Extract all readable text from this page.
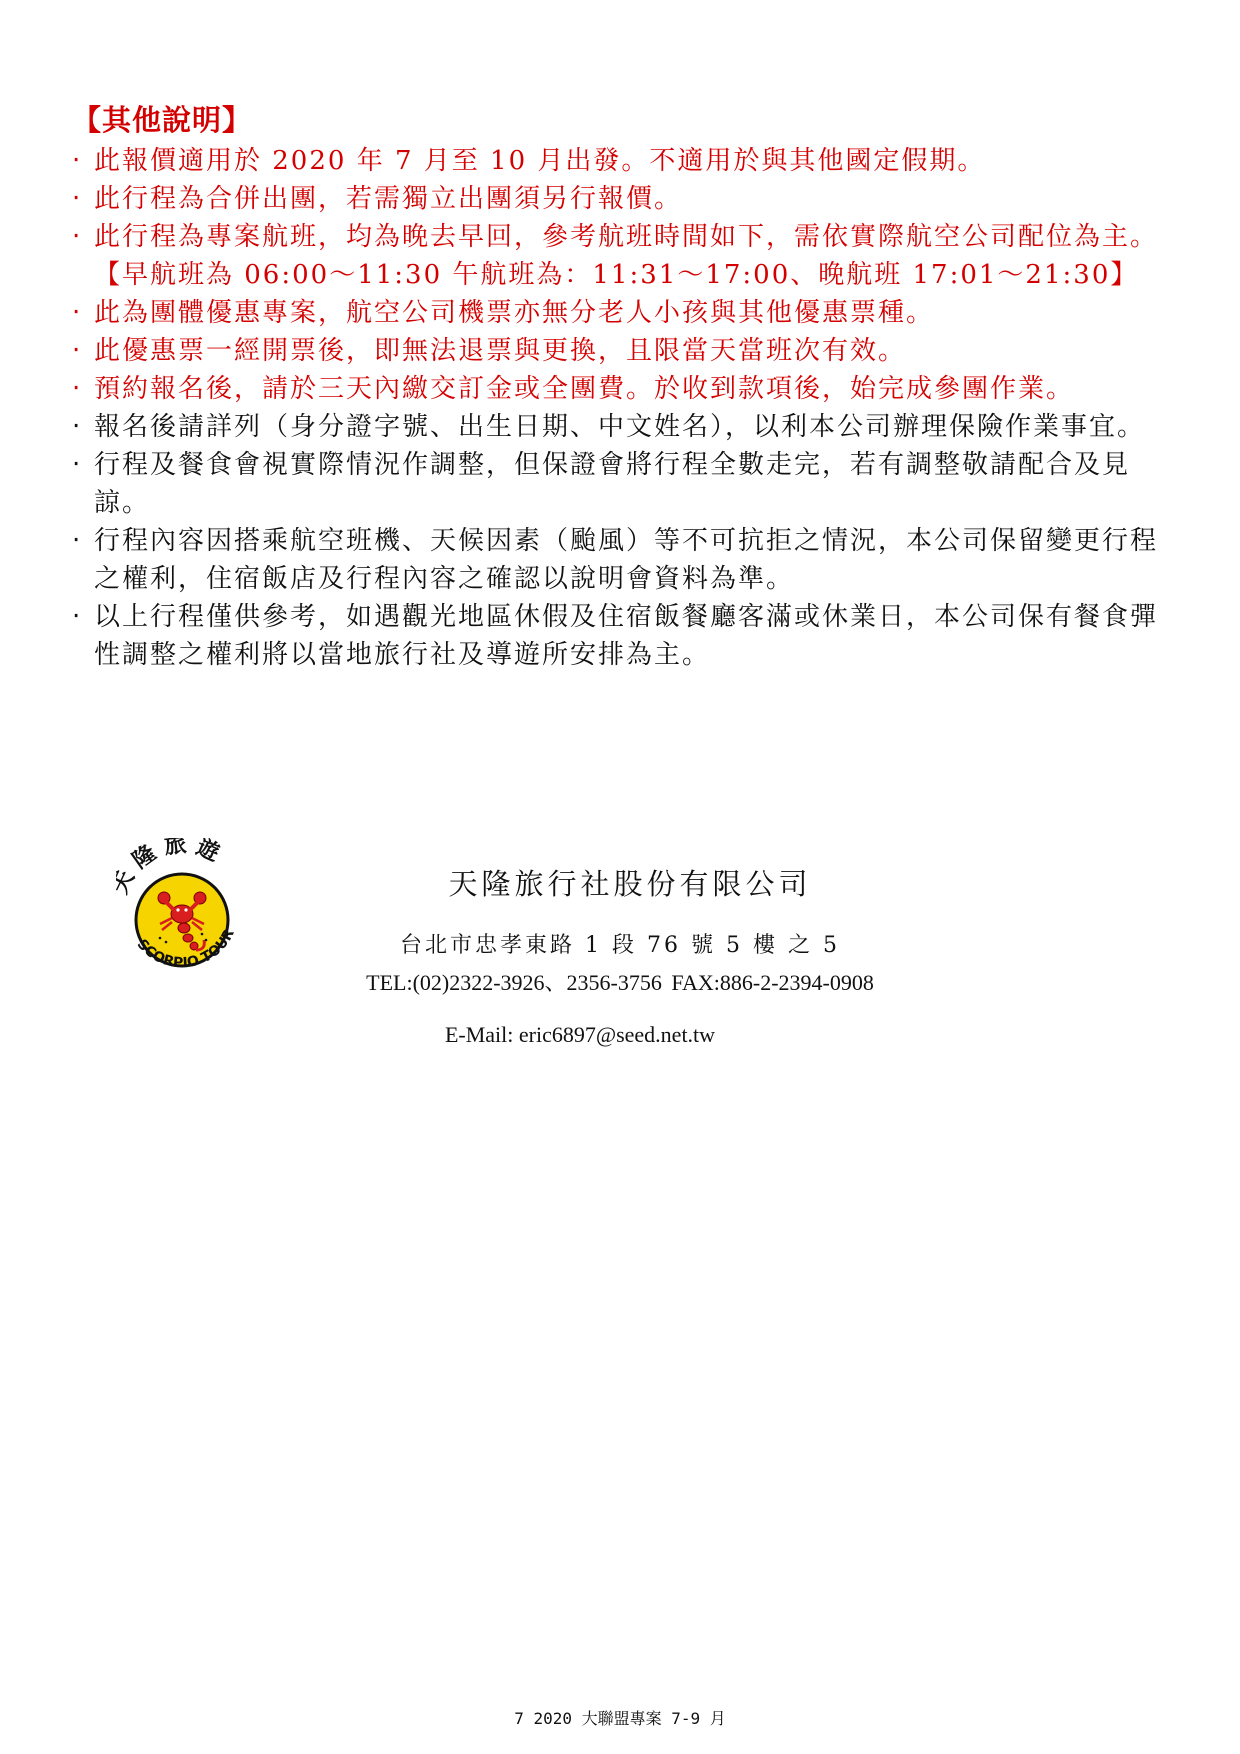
【其他說明】
‧ 此報價適用於 2020 年 7 月至 10 月出發。不適用於與其他國定假期。
‧ 此行程為合併出團，若需獨立出團須另行報價。
‧ 此行程為專案航班，均為晚去早回，參考航班時間如下，需依實際航空公司配位為主。【早航班為 06:00～11:30 午航班為：11:31～17:00、晚航班 17:01～21:30】
‧ 此為團體優惠專案，航空公司機票亦無分老人小孩與其他優惠票種。
‧ 此優惠票一經開票後，即無法退票與更換，且限當天當班次有效。
‧ 預約報名後，請於三天內繳交訂金或全團費。於收到款項後，始完成參團作業。
‧ 報名後請詳列（身分證字號、出生日期、中文姓名），以利本公司辦理保險作業事宜。
‧ 行程及餐食會視實際情況作調整，但保證會將行程全數走完，若有調整敬請配合及見諒。
‧ 行程內容因搭乘航空班機、天候因素（颱風）等不可抗拒之情況，本公司保留變更行程之權利，住宿飯店及行程內容之確認以說明會資料為準。
‧ 以上行程僅供參考，如遇觀光地區休假及住宿飯餐廳客滿或休業日，本公司保有餐食彈性調整之權利將以當地旅行社及導遊所安排為主。
隆 旅 遊
SCORPIO TOUR
天隆旅行社股份有限公司
台北市忠孝東路 1 段 76 號 5 樓 之 5
TEL:(02)2322-3926、2356-3756 FAX:886-2-2394-0908
E-Mail: eric6897@seed.net.tw
7 2020 大聯盟專案 7-9 月
